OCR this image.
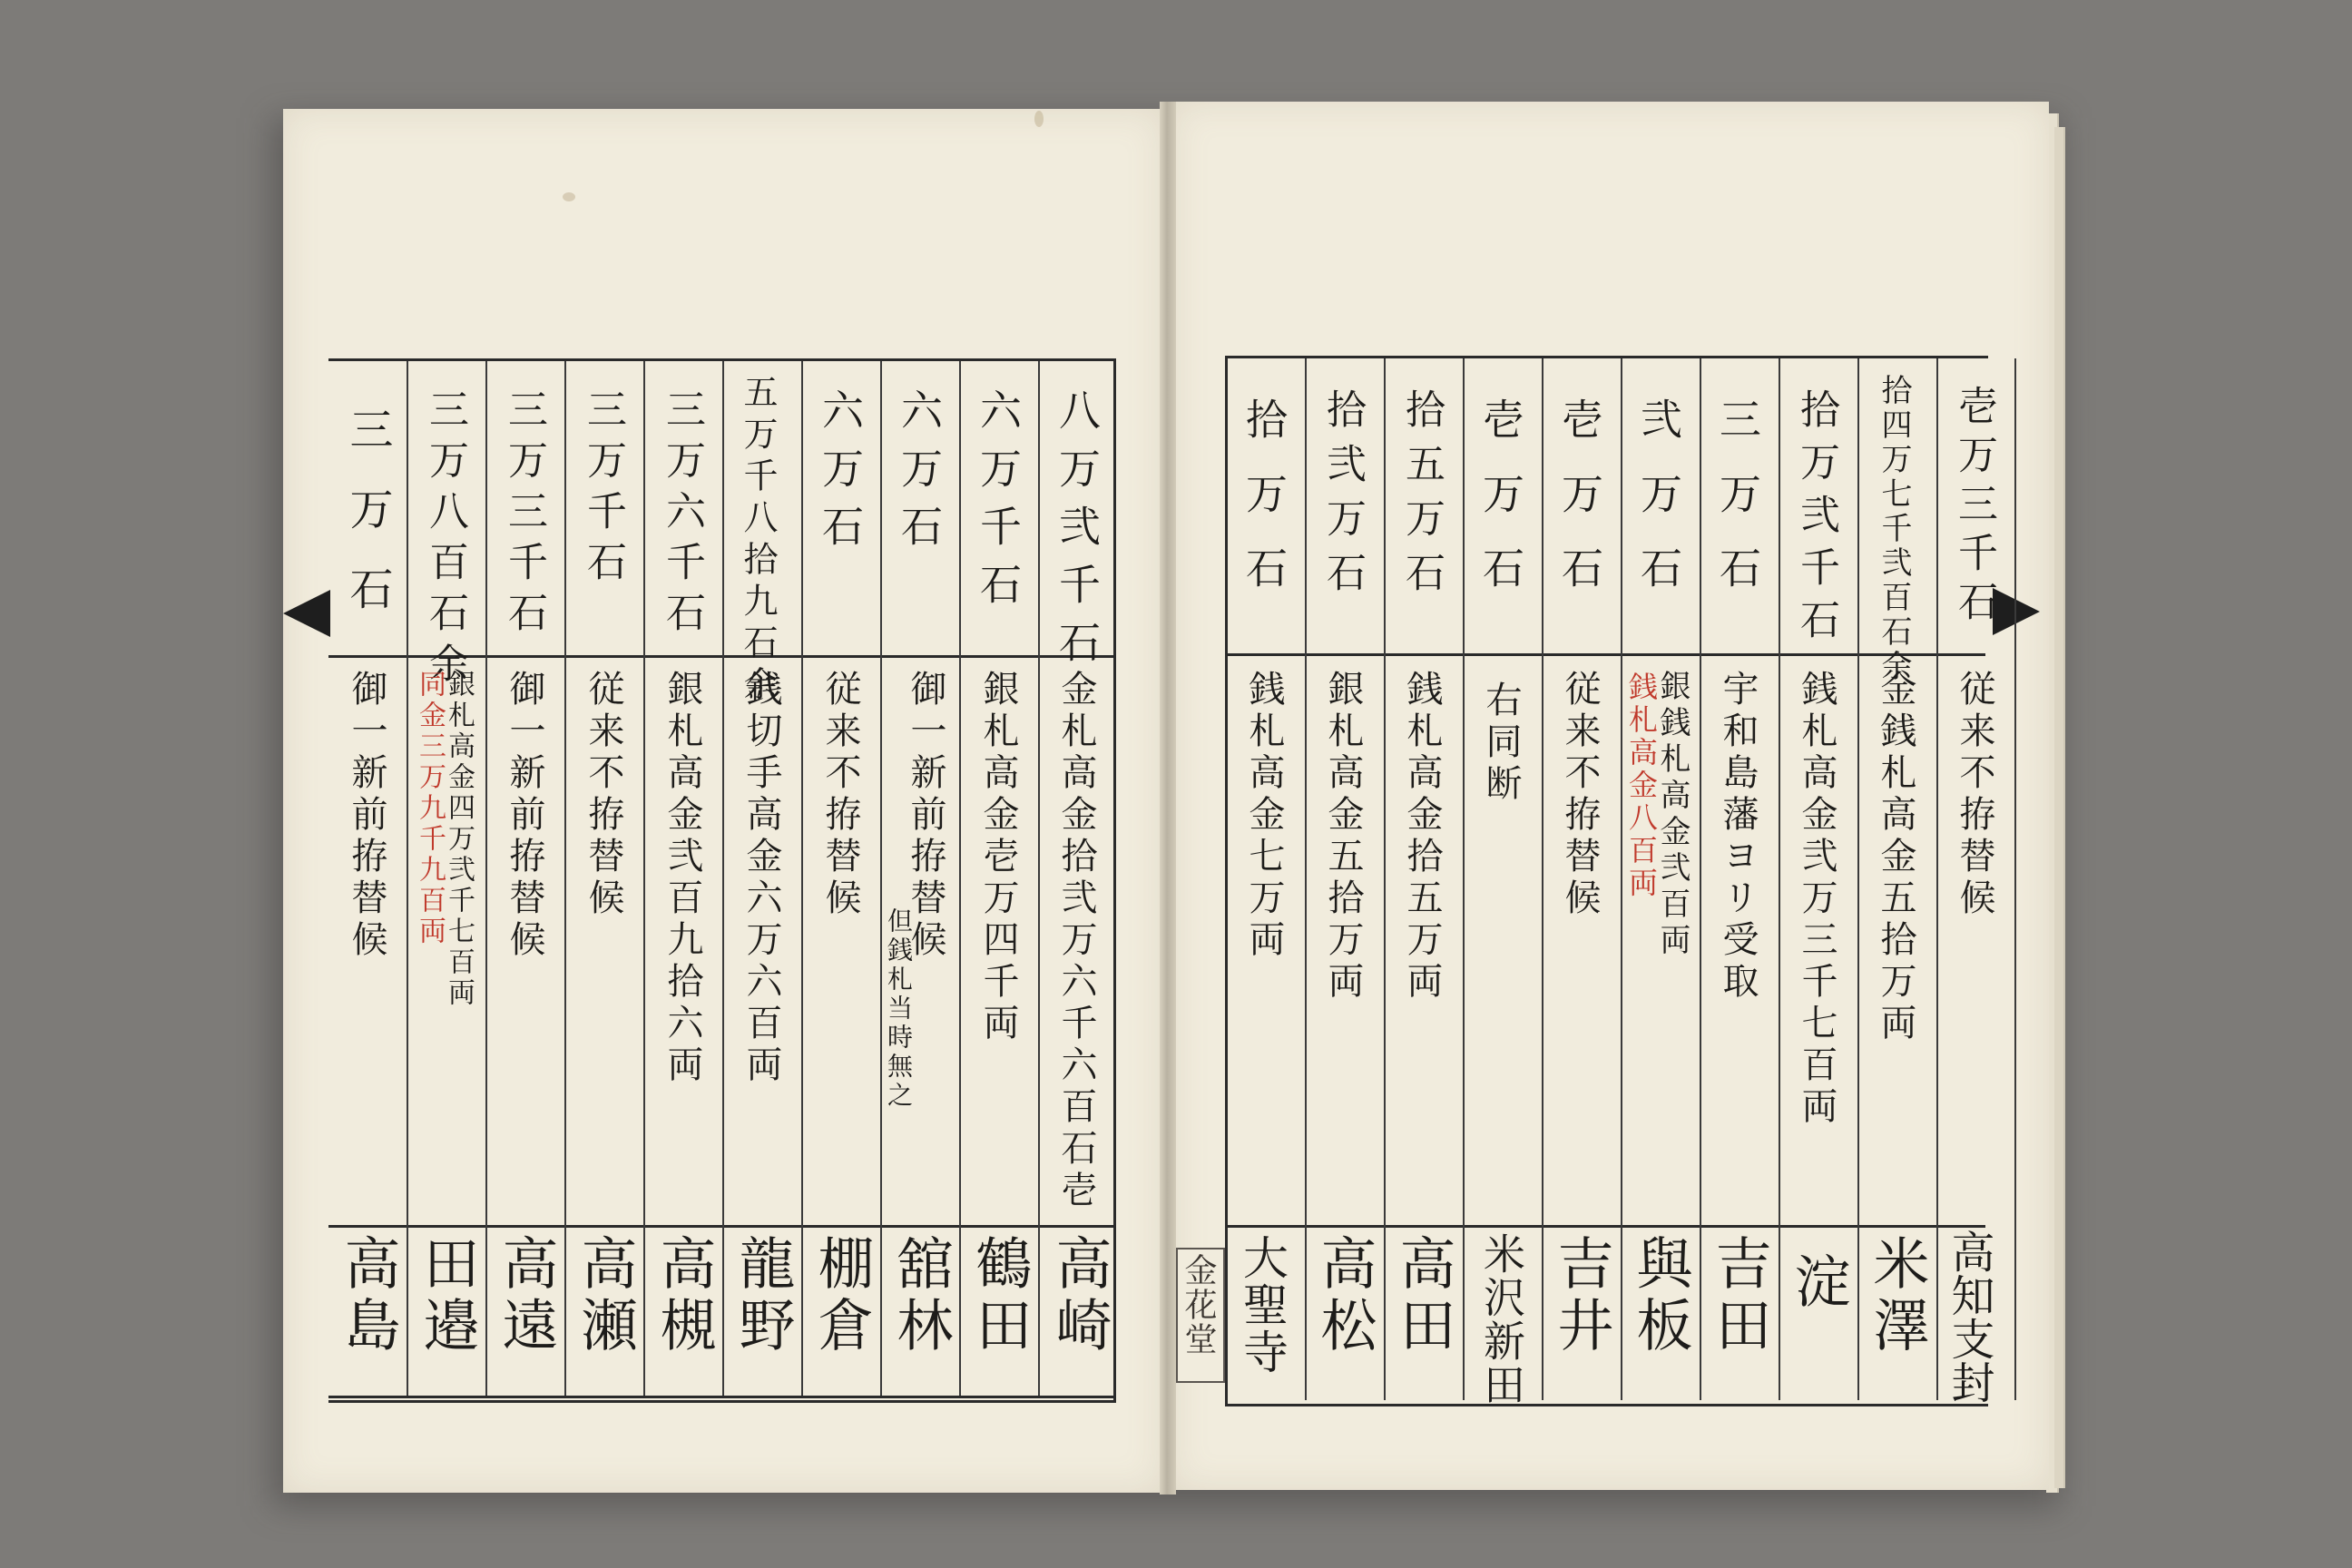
八万弐千石
金札高金拾弐万六千六百石壱
高崎
六万千石
銀札高金壱万四千両
鶴田
六万石
御一新前拵替候
但銭札当時無之
舘林
六万石
従来不拵替候
棚倉
五万千八拾九石余
銭切手高金六万六百両
龍野
三万六千石
銀札高金弐百九拾六両
高槻
三万千石
従来不拵替候
高瀬
三万三千石
御一新前拵替候
高遠
三万八百石余
銀札高金四万弐千七百両
同金三万九千九百両
田邉
三万石
御一新前拵替候
高島
壱万三千石
従来不拵替候
高知支封
拾四万七千弐百石余
金銭札高金五拾万両
米澤
拾万弐千石
銭札高金弐万三千七百両
淀
三万石
宇和島藩ヨリ受取
吉田
弐万石
銀銭札高金弐百両
銭札高金八百両
與板
壱万石
従来不拵替候
吉井
壱万石
右同断
米沢新田
拾五万石
銭札高金拾五万両
高田
拾弐万石
銀札高金五拾万両
高松
拾万石
銭札高金七万両
大聖寺
金花堂
